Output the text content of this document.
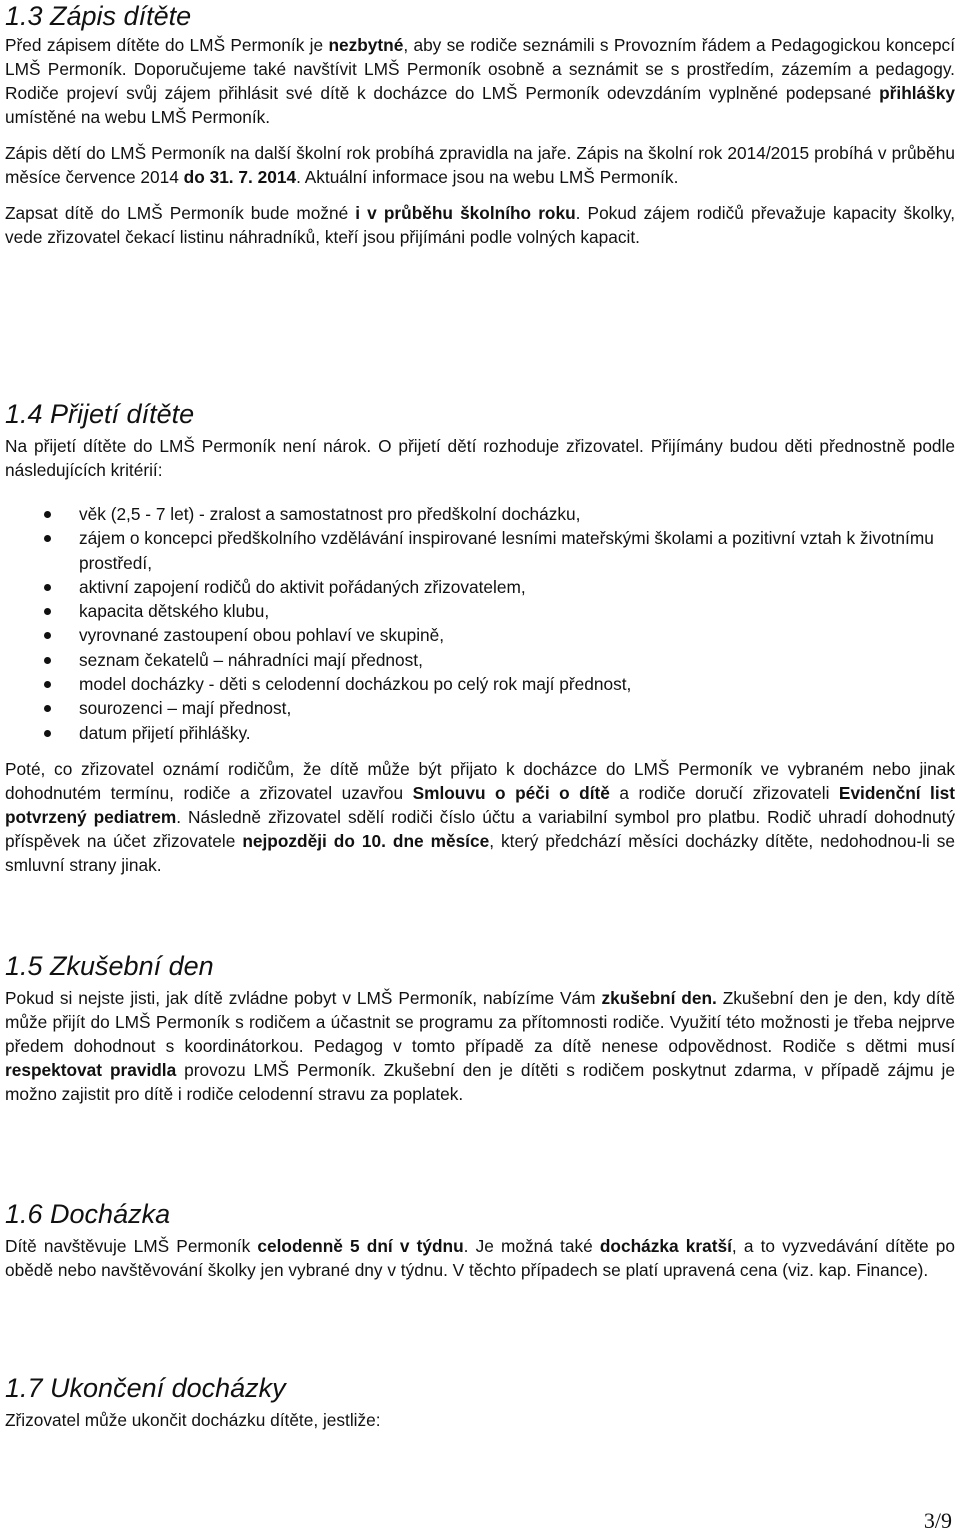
1.3 Zápis dítěte

Před zápisem dítěte do LMŠ Permoník je nezbytné, aby se rodiče seznámili s Provozním řádem a Pedagogickou koncepcí LMŠ Permoník. Doporučujeme také navštívit LMŠ Permoník osobně a seznámit se s prostředím, zázemím a pedagogy. Rodiče projeví svůj zájem přihlásit své dítě k docházce do LMŠ Permoník odevzdáním vyplněné podepsané přihlášky umístěné na webu LMŠ Permoník.

Zápis dětí do LMŠ Permoník na další školní rok probíhá zpravidla na jaře. Zápis na školní rok 2014/2015 probíhá v průběhu měsíce července 2014 do 31. 7. 2014. Aktuální informace jsou na webu LMŠ Permoník.

Zapsat dítě do LMŠ Permoník bude možné i v průběhu školního roku. Pokud zájem rodičů převažuje kapacity školky, vede zřizovatel čekací listinu náhradníků, kteří jsou přijímáni podle volných kapacit.

1.4 Přijetí dítěte

Na přijetí dítěte do LMŠ Permoník není nárok. O přijetí dětí rozhoduje zřizovatel. Přijímány budou děti přednostně podle následujících kritérií:

věk (2,5 - 7 let) - zralost a samostatnost pro předškolní docházku,
zájem o koncepci předškolního vzdělávání inspirované lesními mateřskými školami a pozitivní vztah k životnímu prostředí,
aktivní zapojení rodičů do aktivit pořádaných zřizovatelem,
kapacita dětského klubu,
vyrovnané zastoupení obou pohlaví ve skupině,
seznam čekatelů – náhradníci mají přednost,
model docházky - děti s celodenní docházkou po celý rok mají přednost,
sourozenci – mají přednost,
datum přijetí přihlášky.

Poté, co zřizovatel oznámí rodičům, že dítě může být přijato k docházce do LMŠ Permoník ve vybraném nebo jinak dohodnutém termínu, rodiče a zřizovatel uzavřou Smlouvu o péči o dítě a rodiče doručí zřizovateli Evidenční list potvrzený pediatrem. Následně zřizovatel sdělí rodiči číslo účtu a variabilní symbol pro platbu. Rodič uhradí dohodnutý příspěvek na účet zřizovatele nejpozději do 10. dne měsíce, který předchází měsíci docházky dítěte, nedohodnou-li se smluvní strany jinak.

1.5 Zkušební den

Pokud si nejste jisti, jak dítě zvládne pobyt v LMŠ Permoník, nabízíme Vám zkušební den. Zkušební den je den, kdy dítě může přijít do LMŠ Permoník s rodičem a účastnit se programu za přítomnosti rodiče. Využití této možnosti je třeba nejprve předem dohodnout s koordinátorkou. Pedagog v tomto případě za dítě nenese odpovědnost. Rodiče s dětmi musí respektovat pravidla provozu LMŠ Permoník. Zkušební den je dítěti s rodičem poskytnut zdarma, v případě zájmu je možno zajistit pro dítě i rodiče celodenní stravu za poplatek.

1.6 Docházka

Dítě navštěvuje LMŠ Permoník celodenně 5 dní v týdnu. Je možná také docházka kratší, a to vyzvedávání dítěte po obědě nebo navštěvování školky jen vybrané dny v týdnu. V těchto případech se platí upravená cena (viz. kap. Finance).

1.7 Ukončení docházky

Zřizovatel může ukončit docházku dítěte, jestliže:

3/9
